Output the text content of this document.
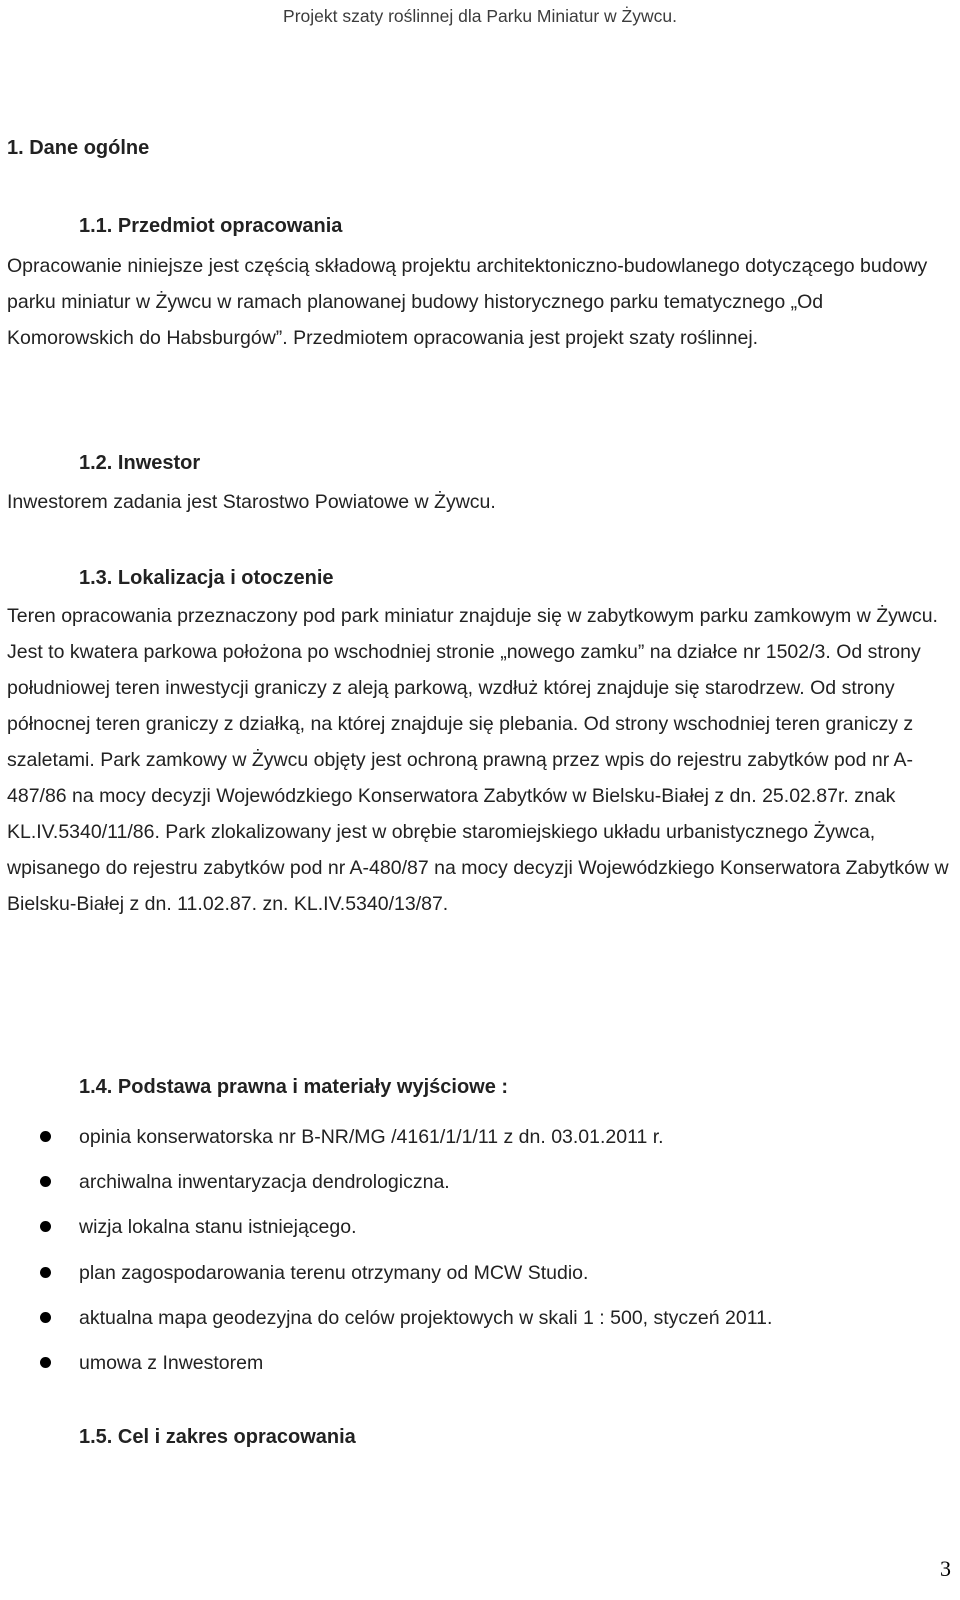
Projekt szaty roślinnej dla Parku Miniatur w Żywcu.
1. Dane ogólne
1.1. Przedmiot opracowania

Opracowanie niniejsze jest częścią składową projektu architektoniczno-budowlanego dotyczącego budowy parku miniatur w Żywcu w ramach planowanej budowy historycznego parku tematycznego „Od Komorowskich do Habsburgów”. Przedmiotem opracowania jest projekt szaty roślinnej.

1.2. Inwestor

Inwestorem zadania jest Starostwo Powiatowe w Żywcu.

1.3. Lokalizacja i otoczenie

Teren opracowania przeznaczony pod park miniatur znajduje się w zabytkowym parku zamkowym w Żywcu. Jest to kwatera parkowa położona po wschodniej stronie „nowego zamku” na działce nr 1502/3. Od strony południowej teren inwestycji graniczy z aleją parkową, wzdłuż której znajduje się starodrzew. Od strony północnej teren graniczy z działką, na której znajduje się plebania. Od strony wschodniej teren graniczy z szaletami. Park zamkowy w Żywcu objęty jest ochroną prawną przez wpis do rejestru zabytków pod nr A-487/86 na mocy decyzji Wojewódzkiego Konserwatora Zabytków w Bielsku-Białej z dn. 25.02.87r. znak KL.IV.5340/11/86. Park zlokalizowany jest w obrębie staromiejskiego układu urbanistycznego Żywca, wpisanego do rejestru zabytków pod nr A-480/87 na mocy decyzji Wojewódzkiego Konserwatora Zabytków w Bielsku-Białej z dn. 11.02.87. zn. KL.IV.5340/13/87.

1.4. Podstawa prawna i materiały wyjściowe :
opinia konserwatorska nr B-NR/MG /4161/1/1/11 z dn. 03.01.2011 r.
archiwalna inwentaryzacja dendrologiczna.
wizja lokalna stanu istniejącego.
plan zagospodarowania terenu otrzymany od MCW Studio.
aktualna mapa geodezyjna do celów projektowych w skali 1 : 500, styczeń 2011.
umowa z Inwestorem
1.5. Cel i zakres opracowania
3
